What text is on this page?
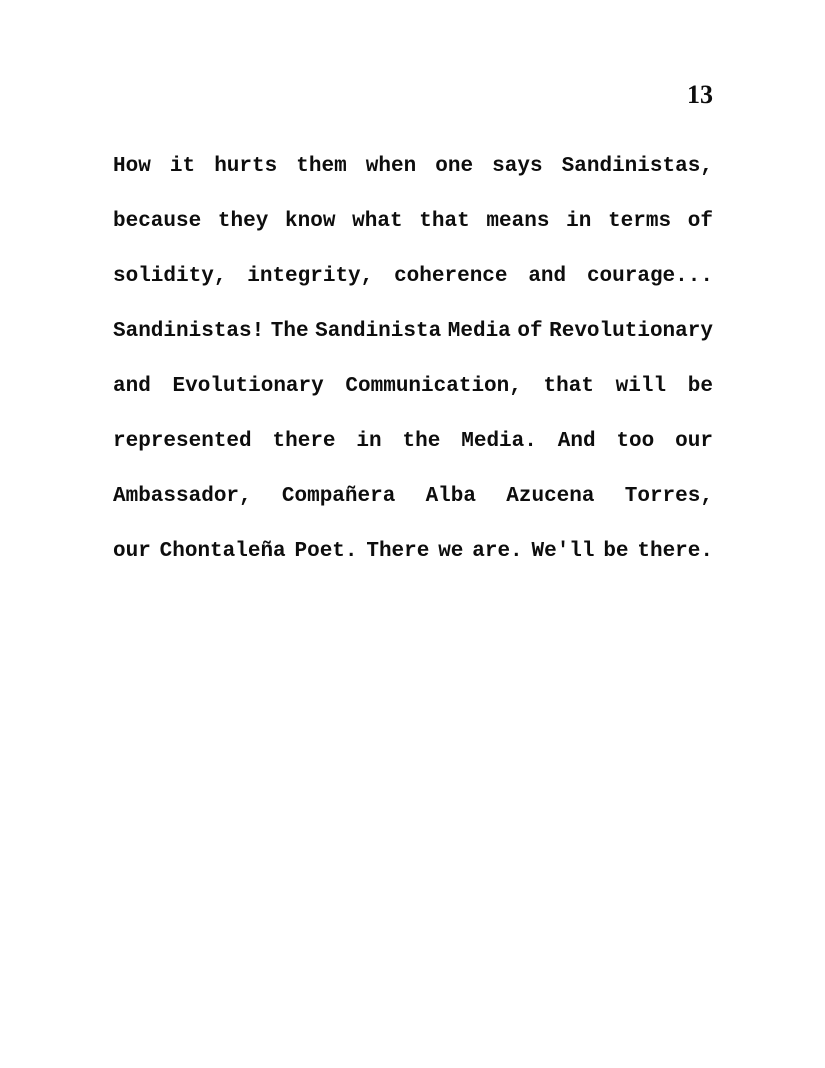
13
How it hurts them when one says Sandinistas,
because they know what that means in terms of
solidity, integrity, coherence and courage...
Sandinistas! The Sandinista Media of Revolutionary
and Evolutionary Communication, that will be
represented there in the Media. And too our
Ambassador, Compañera Alba Azucena Torres,
our Chontaleña Poet. There we are. We'll be there.
